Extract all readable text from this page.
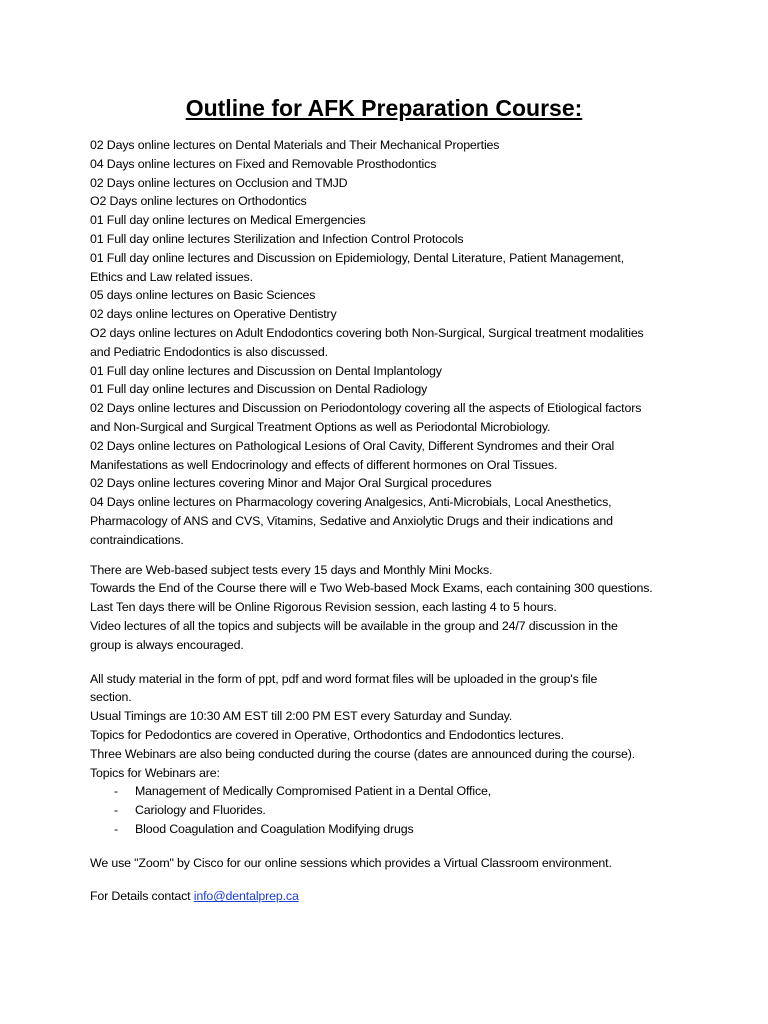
Outline for AFK Preparation Course:
02 Days online lectures on Dental Materials and Their Mechanical Properties
04 Days online lectures on Fixed and Removable Prosthodontics
02 Days online lectures on Occlusion and TMJD
O2 Days online lectures on Orthodontics
01 Full day online lectures on Medical Emergencies
01 Full day online lectures Sterilization and Infection Control Protocols
01 Full day online lectures and Discussion on Epidemiology, Dental Literature, Patient Management,
Ethics and Law related issues.
05 days online lectures on Basic Sciences
02 days online lectures on Operative Dentistry
O2 days online lectures on Adult Endodontics covering both Non-Surgical, Surgical treatment modalities
and Pediatric Endodontics is also discussed.
01 Full day online lectures and Discussion on Dental Implantology
01 Full day online lectures and Discussion on Dental Radiology
02 Days online lectures and Discussion on Periodontology covering all the aspects of Etiological factors
and Non-Surgical and Surgical Treatment Options as well as Periodontal Microbiology.
02 Days online lectures on Pathological Lesions of Oral Cavity, Different Syndromes and their Oral
Manifestations as well Endocrinology and effects of different hormones on Oral Tissues.
02 Days online lectures covering Minor and Major Oral Surgical procedures
04 Days online lectures on Pharmacology covering Analgesics, Anti-Microbials, Local Anesthetics,
Pharmacology of ANS and CVS, Vitamins, Sedative and Anxiolytic Drugs and their indications and
contraindications.
There are Web-based subject tests every 15 days and Monthly Mini Mocks.
Towards the End of the Course there will e Two Web-based Mock Exams, each containing 300 questions.
Last Ten days there will be Online Rigorous Revision session, each lasting 4 to 5 hours.
Video lectures of all the topics and subjects will be available in the group and 24/7 discussion in the
group is always encouraged.
All study material in the form of ppt, pdf and word format files will be uploaded in the group's file
section.
Usual Timings are 10:30 AM EST till 2:00 PM EST every Saturday and Sunday.
Topics for Pedodontics are covered in Operative, Orthodontics and Endodontics lectures.
Three Webinars are also being conducted during the course (dates are announced during the course).
Topics for Webinars are:
- Management of Medically Compromised Patient in a Dental Office,
- Cariology and Fluorides.
- Blood Coagulation and Coagulation Modifying drugs
We use "Zoom" by Cisco for our online sessions which provides a Virtual Classroom environment.
For Details contact info@dentalprep.ca
